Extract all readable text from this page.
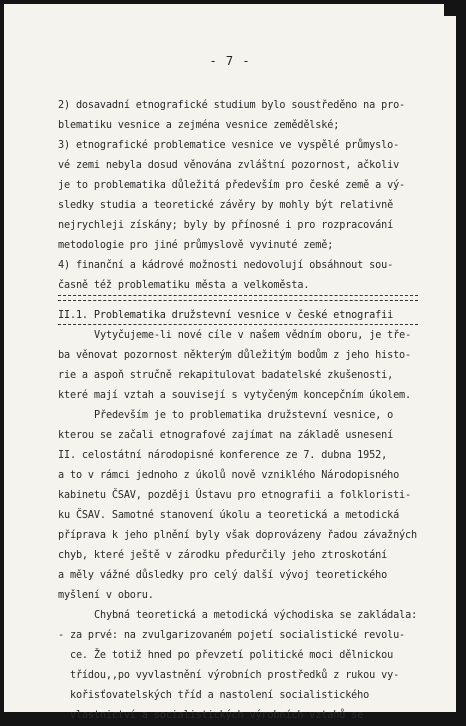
- 7 -
2) dosavadní etnografické studium bylo soustředěno na pro-
blematiku vesnice a zejména vesnice zemědělské;
3) etnografické problematice vesnice ve vyspělé průmyslo-
vé zemi nebyla dosud věnována zvláštní pozornost, ačkoliv
je to problematika důležitá především pro české země a vý-
sledky studia a teoretické závěry by mohly být relativně
nejrychleji získány; byly by přínosné i pro rozpracování
metodologie pro jiné průmyslově vyvinuté země;
4) finanční a kádrové možnosti nedovolují obsáhnout sou-
časně též problematiku města a velkoměsta.
II.1. Problematika družstevní vesnice v české etnografii
Vytyčujeme-li nové cíle v našem vědním oboru, je tře-
ba věnovat pozornost některým důležitým bodům z jeho histo-
rie a aspoň stručně rekapitulovat badatelské zkušenosti,
které mají vztah a souvisejí s vytyčeným koncepčním úkolem.
Především je to problematika družstevní vesnice, o
kterou se začali etnografové zajímat na základě usnesení
II. celostátní národopisné konference ze 7. dubna 1952,
a to v rámci jednoho z úkolů nově vzniklého Národopisného
kabinetu ČSAV, později Ústavu pro etnografii a folkloristi-
ku ČSAV. Samotné stanovení úkolu a teoretická a metodická
příprava k jeho plnění byly však doprovázeny řadou závažných
chyb, které ještě v zárodku předurčily jeho ztroskotání
a měly vážné důsledky pro celý další vývoj teoretického
myšlení v oboru.
Chybná teoretická a metodická východiska se zakládala:
- za prvé: na zvulgarizovaném pojetí socialistické revolu-
ce. Že totiž hned po převzetí politické moci dělnickou
třídou,,po vyvlastnění výrobních prostředků z rukou vy-
kořisťovatelských tříd a nastolení socialistického
vlastnictví a socialistických výrobních vztahů se
